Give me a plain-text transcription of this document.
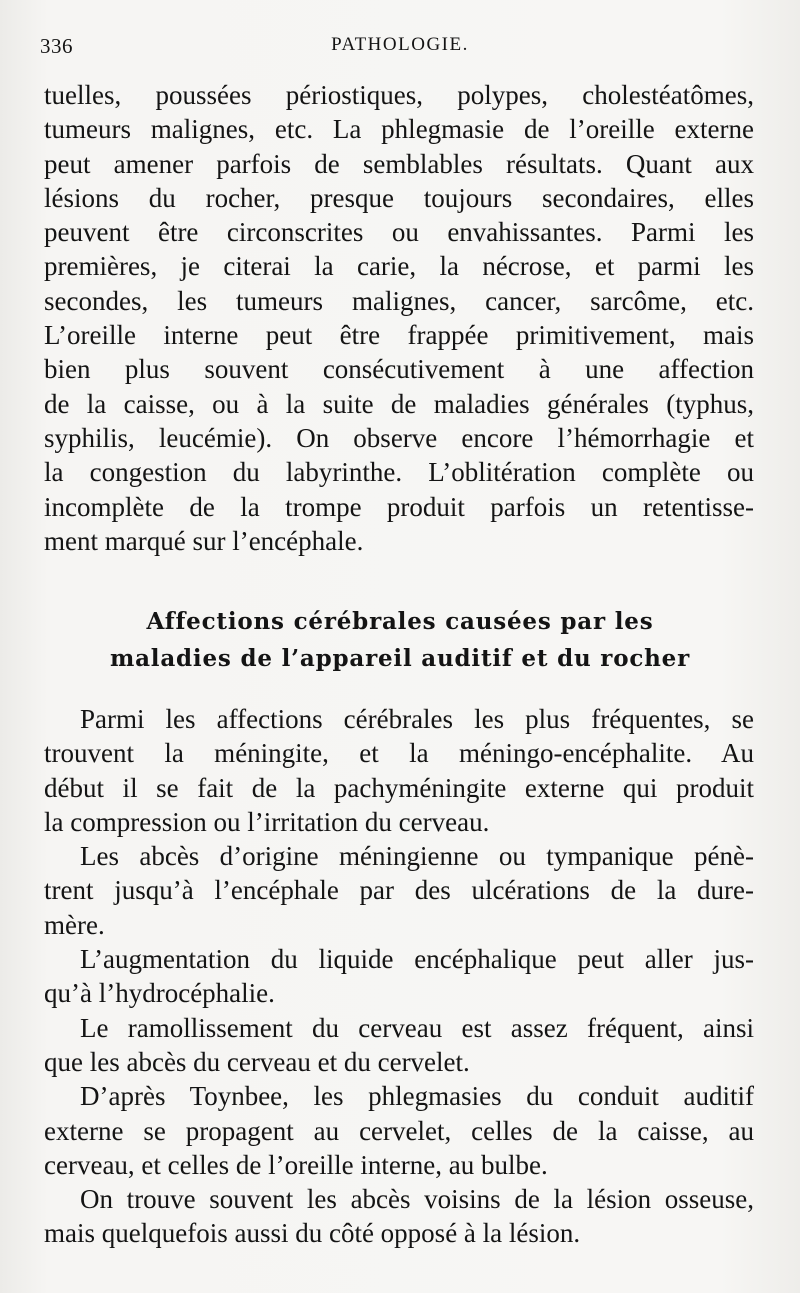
336	PATHOLOGIE.
tuelles, poussées périostiques, polypes, cholestéatômes,
tumeurs malignes, etc. La phlegmasie de l’oreille externe
peut amener parfois de semblables résultats. Quant aux
lésions du rocher, presque toujours secondaires, elles
peuvent être circonscrites ou envahissantes. Parmi les
premières, je citerai la carie, la nécrose, et parmi les
secondes, les tumeurs malignes, cancer, sarcôme, etc.
L’oreille interne peut être frappée primitivement, mais
bien plus souvent consécutivement à une affection
de la caisse, ou à la suite de maladies générales (typhus,
syphilis, leucémie). On observe encore l’hémorrhagie et
la congestion du labyrinthe. L’oblitération complète ou
incomplète de la trompe produit parfois un retentisse-
ment marqué sur l’encéphale.
Affections cérébrales causées par les
maladies de l’appareil auditif et du rocher
Parmi les affections cérébrales les plus fréquentes, se
trouvent la méningite, et la méningo-encéphalite. Au
début il se fait de la pachyméningite externe qui produit
la compression ou l’irritation du cerveau.
Les abcès d’origine méningienne ou tympanique pénè-
trent jusqu’à l’encéphale par des ulcérations de la dure-
mère.
L’augmentation du liquide encéphalique peut aller jus-
qu’à l’hydrocéphalie.
Le ramollissement du cerveau est assez fréquent, ainsi
que les abcès du cerveau et du cervelet.
D’après Toynbee, les phlegmasies du conduit auditif
externe se propagent au cervelet, celles de la caisse, au
cerveau, et celles de l’oreille interne, au bulbe.
On trouve souvent les abcès voisins de la lésion osseuse,
mais quelquefois aussi du côté opposé à la lésion.
